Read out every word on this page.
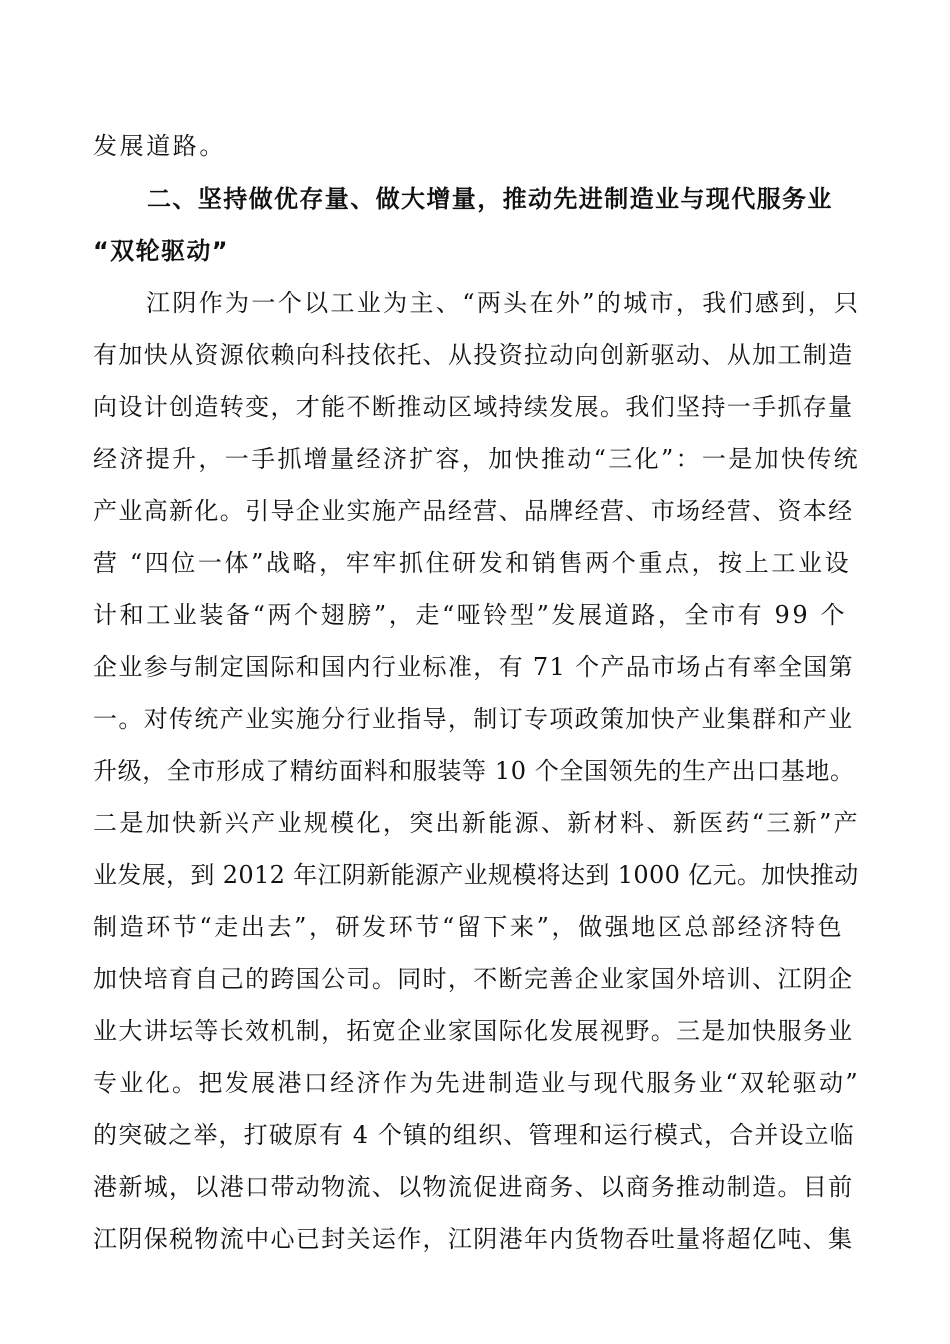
发展道路。
二、坚持做优存量、做大增量，推动先进制造业与现代服务业
“双轮驱动”
江阴作为一个以工业为主、“两头在外”的城市，我们感到，只
有加快从资源依赖向科技依托、从投资拉动向创新驱动、从加工制造
向设计创造转变，才能不断推动区域持续发展。我们坚持一手抓存量
经济提升，一手抓增量经济扩容，加快推动“三化”：一是加快传统
产业高新化。引导企业实施产品经营、品牌经营、市场经营、资本经
营 “四位一体”战略，牢牢抓住研发和销售两个重点，按上工业设
计和工业装备“两个翅膀”，走“哑铃型”发展道路，全市有 99 个
企业参与制定国际和国内行业标准，有 71 个产品市场占有率全国第
一。对传统产业实施分行业指导，制订专项政策加快产业集群和产业
升级，全市形成了精纺面料和服装等 10 个全国领先的生产出口基地。
二是加快新兴产业规模化，突出新能源、新材料、新医药“三新”产
业发展，到 2012 年江阴新能源产业规模将达到 1000 亿元。加快推动
制造环节“走出去”，研发环节“留下来”，做强地区总部经济特色
加快培育自己的跨国公司。同时，不断完善企业家国外培训、江阴企
业大讲坛等长效机制，拓宽企业家国际化发展视野。三是加快服务业
专业化。把发展港口经济作为先进制造业与现代服务业“双轮驱动”
的突破之举，打破原有 4 个镇的组织、管理和运行模式，合并设立临
港新城，以港口带动物流、以物流促进商务、以商务推动制造。目前
江阴保税物流中心已封关运作，江阴港年内货物吞吐量将超亿吨、集
